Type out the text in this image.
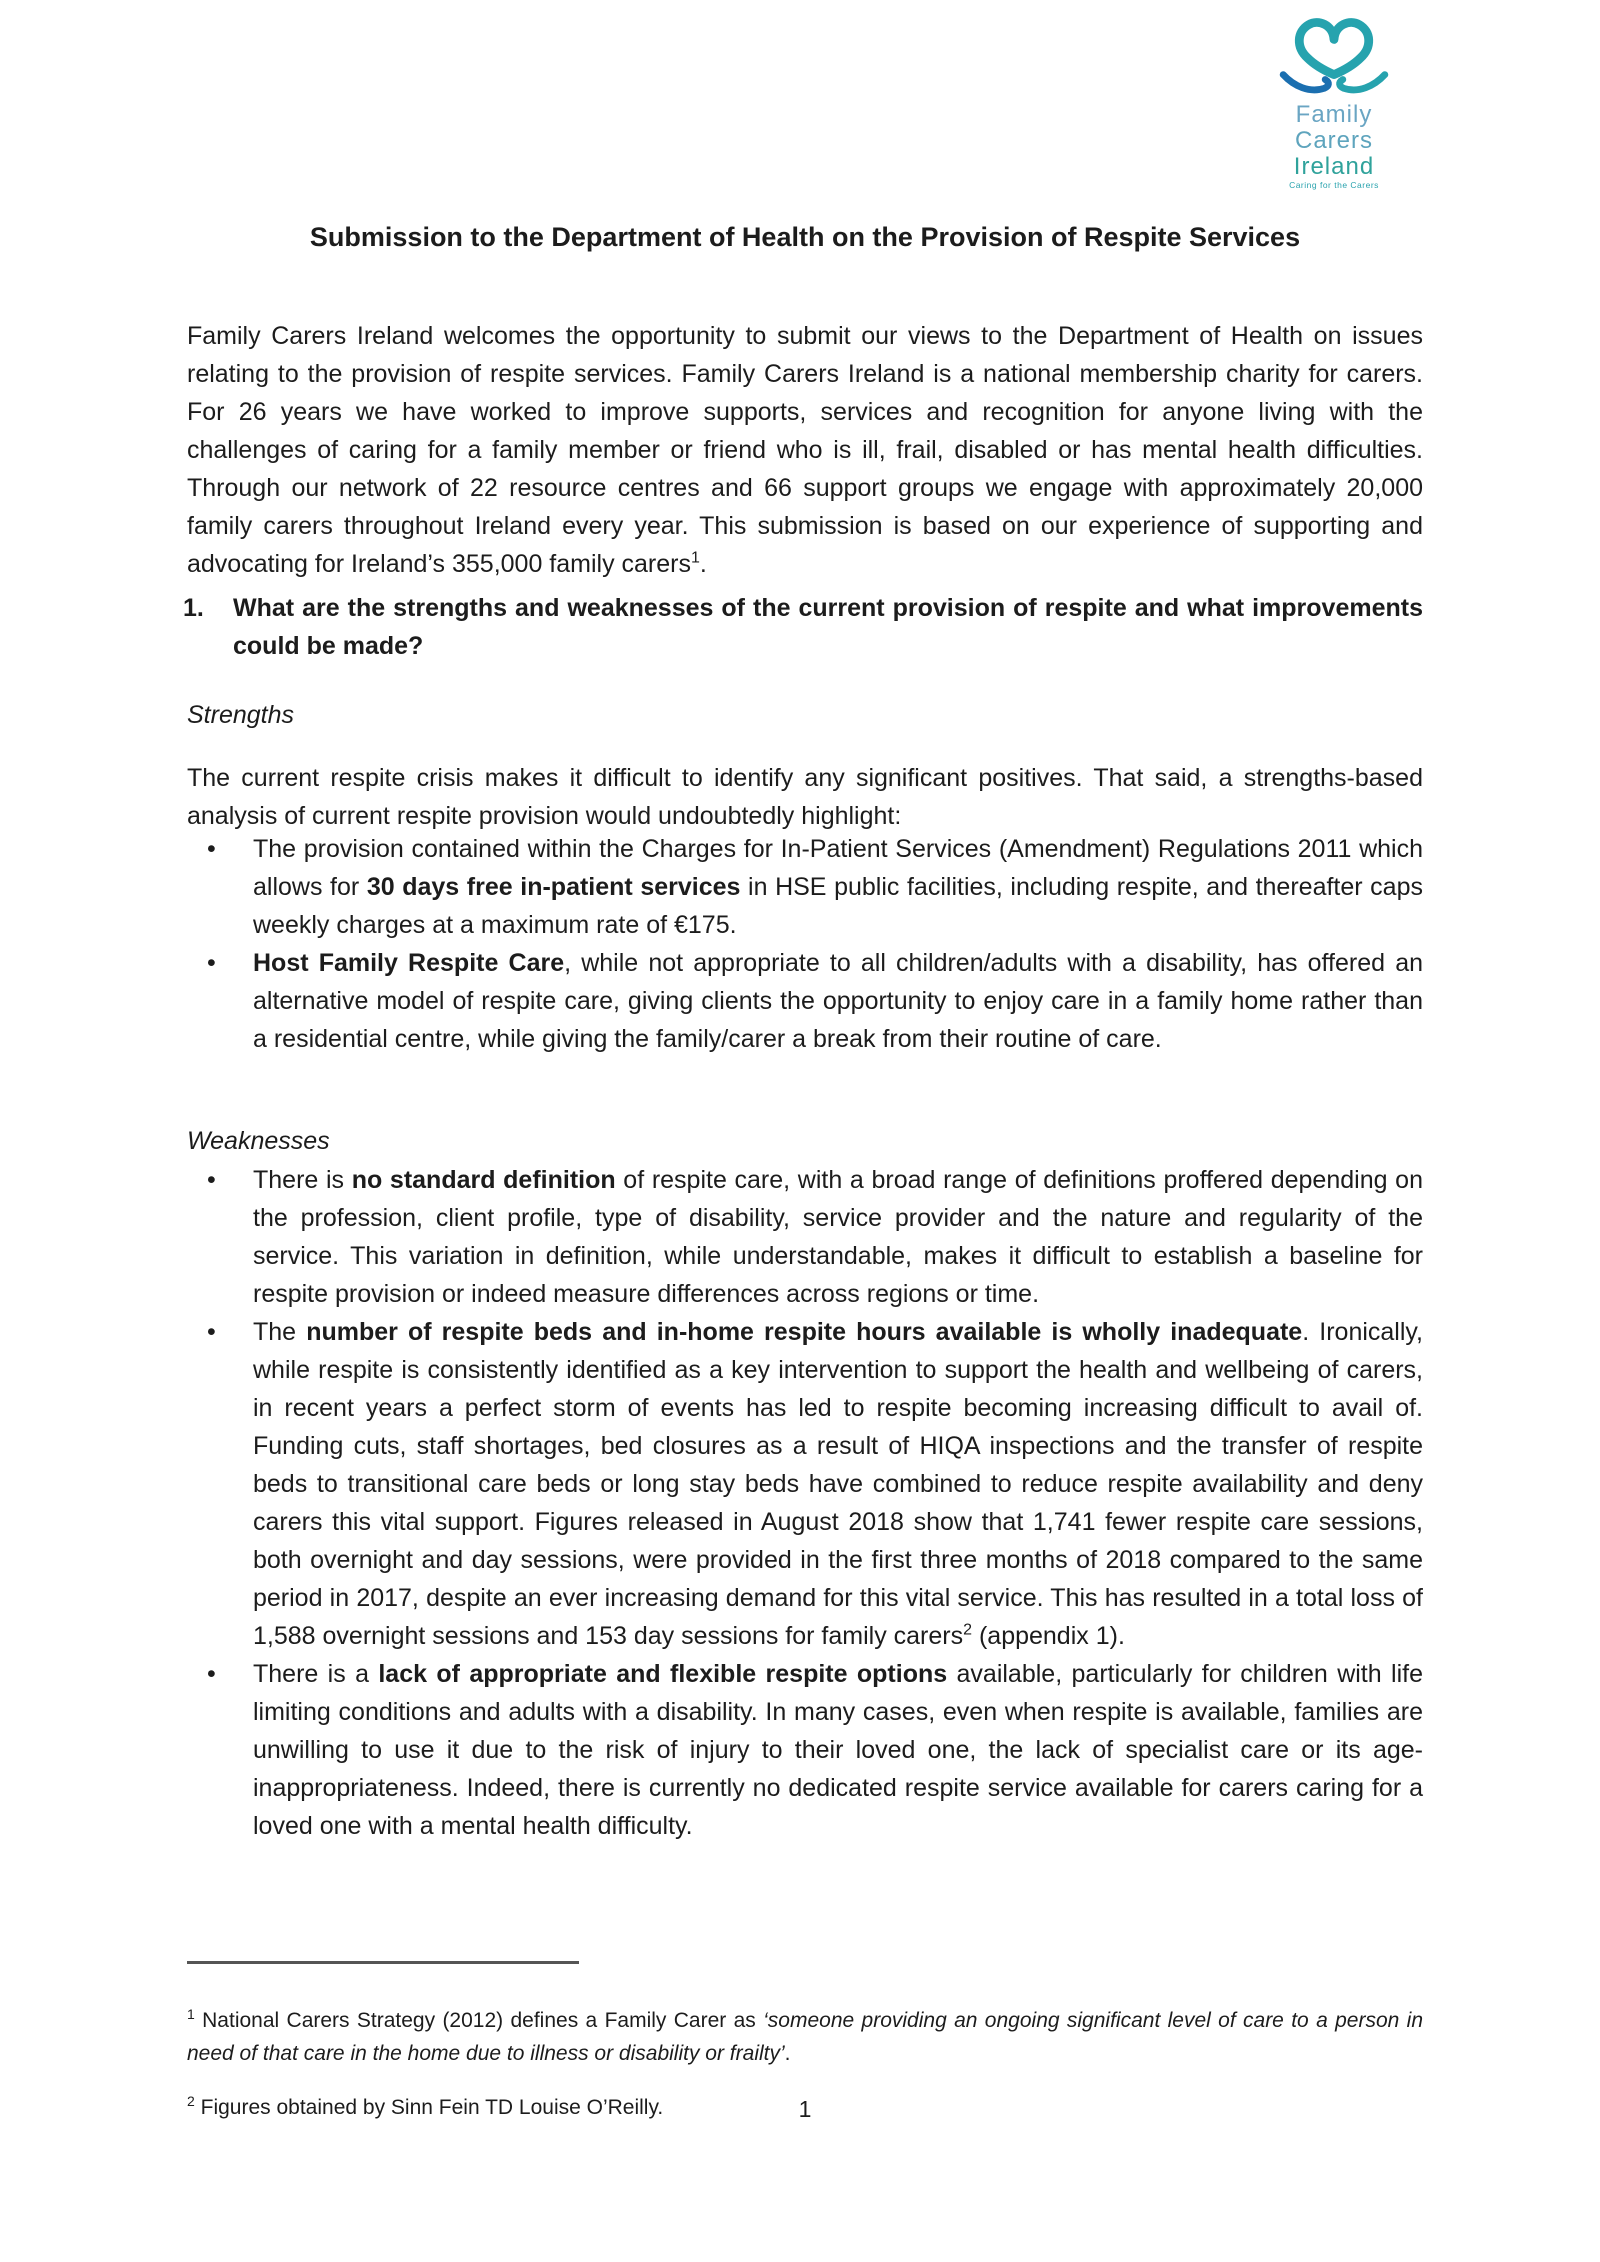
Family
Carers
Ireland
Caring for the Carers
Submission to the Department of Health on the Provision of Respite Services

Family Carers Ireland welcomes the opportunity to submit our views to the Department of Health on issues relating to the provision of respite services. Family Carers Ireland is a national membership charity for carers. For 26 years we have worked to improve supports, services and recognition for anyone living with the challenges of caring for a family member or friend who is ill, frail, disabled or has mental health difficulties. Through our network of 22 resource centres and 66 support groups we engage with approximately 20,000 family carers throughout Ireland every year. This submission is based on our experience of supporting and advocating for Ireland’s 355,000 family carers$^1$.

1.	What are the strengths and weaknesses of the current provision of respite and what improvements could be made?
Strengths

The current respite crisis makes it difficult to identify any significant positives. That said, a strengths-based analysis of current respite provision would undoubtedly highlight:

• The provision contained within the Charges for In-Patient Services (Amendment) Regulations 2011 which allows for 30 days free in-patient services in HSE public facilities, including respite, and thereafter caps weekly charges at a maximum rate of €175.
• Host Family Respite Care, while not appropriate to all children/adults with a disability, has offered an alternative model of respite care, giving clients the opportunity to enjoy care in a family home rather than a residential centre, while giving the family/carer a break from their routine of care.
Weaknesses
• There is no standard definition of respite care, with a broad range of definitions proffered depending on the profession, client profile, type of disability, service provider and the nature and regularity of the service. This variation in definition, while understandable, makes it difficult to establish a baseline for respite provision or indeed measure differences across regions or time.
• The number of respite beds and in-home respite hours available is wholly inadequate. Ironically, while respite is consistently identified as a key intervention to support the health and wellbeing of carers, in recent years a perfect storm of events has led to respite becoming increasing difficult to avail of. Funding cuts, staff shortages, bed closures as a result of HIQA inspections and the transfer of respite beds to transitional care beds or long stay beds have combined to reduce respite availability and deny carers this vital support. Figures released in August 2018 show that 1,741 fewer respite care sessions, both overnight and day sessions, were provided in the first three months of 2018 compared to the same period in 2017, despite an ever increasing demand for this vital service. This has resulted in a total loss of 1,588 overnight sessions and 153 day sessions for family carers$^2$ (appendix 1).
• There is a lack of appropriate and flexible respite options available, particularly for children with life limiting conditions and adults with a disability. In many cases, even when respite is available, families are unwilling to use it due to the risk of injury to their loved one, the lack of specialist care or its age-inappropriateness. Indeed, there is currently no dedicated respite service available for carers caring for a loved one with a mental health difficulty.

$^1$ National Carers Strategy (2012) defines a Family Carer as ‘someone providing an ongoing significant level of care to a person in need of that care in the home due to illness or disability or frailty’.

$^2$ Figures obtained by Sinn Fein TD Louise O’Reilly.	1
